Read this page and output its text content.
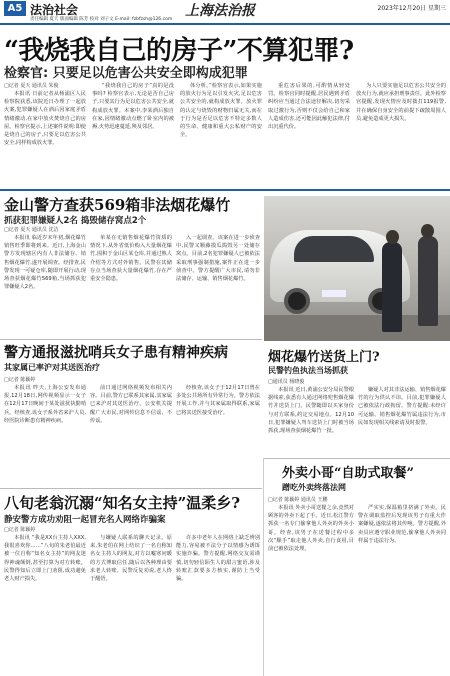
A5 法治社会	上海法治报	2023年12月20日 星期三
责任编辑 夏天 版面编辑 陈芳 校对 刘子文 E-mail: fzbfzsh@126.com
“我烧我自己的房子”不算犯罪?
检察官: 只要足以危害公共安全即构成犯罪
□记者 夏天 通讯员 朱俊

本报讯 日前记者从杨浦区人民检察院获悉,该院近日办理了一起放火案,犯罪嫌疑人在酒后因家庭矛盾情绪激动,在家中放火焚烧自己的房屋。检察官提示,上述案件说明:即使是烧自己的房子,只要足以危害公共安全,同样构成放火罪。

“我烧我自己的房子”真的是没事吗? 检察官表示,无论是否自己房子,只要其行为足以危害公共安全,就构成放火罪。本案中,李某酒后独自在家,因情绪激动点燃了卧室内的被褥,火势迅速蔓延,殃及邻居。

体分析。”检察官表示,如果实施的放火行为足以引发火灾,足以危害公共安全的,就构成放火罪。放火罪的认定与烧毁的财物归属无关,而在于行为是否足以危害不特定多数人的生命、健康和重大公私财产的安全。

重危害后果的,可酌情从轻处罚。检察官同时提醒,居民遇到矛盾纠纷应当通过合法途径解决,切勿采取过激行为,否则不仅会给自己和家人造成伤害,还可能因此触犯法律,付出沉重代价。

为人只要实施足以危害公共安全的放火行为,就应承担刑事责任。此外检察官提醒,发现火情应及时拨打119报警,并在确保自身安全的前提下疏散周围人员,避免造成更大损失。

金山警方查获569箱非法烟花爆竹
抓获犯罪嫌疑人2名 捣毁储存窝点2个
□记者 夏天 通讯员 沈洁

本报讯 临近岁末年初,烟花爆竹销售旺季即将到来。近日,上海金山警方发现辖区内有人非法储存、销售烟花爆竹,遂开展调查。经排查,民警发现一可疑仓库,随即开展行动,现场查获烟花爆竹569箱,当场抓获犯罪嫌疑人2名。

单某在无销售烟花爆竹资质的情况下,从外省低价购入大量烟花爆竹,囤积于金山区某仓库,并通过熟人介绍等方式对外销售。民警在其储存点当场查获大量烟花爆竹,存在严重安全隐患。

入一起调查。该案在进一步侦查中,民警又顺藤摸瓜捣毁另一处储存窝点。目前,2名犯罪嫌疑人已被依法采取刑事强制措施,案件正在进一步侦查中。警方提醒广大市民,请勿非法储存、运输、销售烟花爆竹。

烟花爆竹送货上门?
民警钓鱼执法当场抓获
□通讯员 杨晓俊

本报讯 近日,黄浦公安分局民警根据线索,获悉有人通过网络兜售烟花爆竹并送货上门。民警随即以买家身份与对方联系,约定交易地点。12月10日,犯罪嫌疑人驾车送货上门时被当场抓获,现场查获烟花爆竹一批。

嫌疑人对其非法运输、销售烟花爆竹的行为供认不讳。目前,犯罪嫌疑人已被依法行政拘留。警方提醒:未经许可运输、销售烟花爆竹属违法行为,市民如发现相关线索请及时报警。

警方通报滋扰哨兵女子患有精神疾病
其家属已率沪对其送医治疗
□记者 陈颖婷

本报讯 昨天,上海公安发布通报,12月18日,网传视频显示一女子在12月17日晚间于某处滋扰执勤哨兵。经核查,该女子系外省来沪人员,经医院诊断患有精神疾病。

前日通过网络视频发布相关内容。目前,警方已联系其家属,其家属已来沪对其送医治疗。公安机关提醒广大市民,对网传信息不信谣、不传谣。

经核查,该女子于12月17日曾在多处公共场所有异常行为。警方依法开展工作,并与其家属取得联系,家属已将其送医接受治疗。

八旬老翁沉溺“知名女主持”温柔乡?
静安警方成功劝阻一起冒充名人网络诈骗案
□记者 陈颖婷

本报讯 “我是XX台主持人XXX,我很喜欢你……”八旬的朱老伯最近被一位自称“知名女主持”的网友迷得神魂颠倒,甚至打算为对方转账。民警得知后立即上门劝阻,成功避免老人财产损失。

与嫌疑人联系的聊天记录。原来,朱老伯在网上结识了一名自称知名女主持人的网友,对方以嘘寒问暖的方式博取信任,随后以各种理由要求老人转账。民警反复劝说,老人终于醒悟。

许多中老年人在网络上缺乏辨别能力,容易被不法分子以情感为诱饵实施诈骗。警方提醒,网络交友需谨慎,切勿轻信陌生人的甜言蜜语,涉及转账汇款要多方核实,谨防上当受骗。

外卖小哥“自助式取餐”
蹭吃外卖终落法网
□记者 陈颖婷 通讯员 王鹏

本报讯 外卖小哥送餐之余,竟然对顾客的外卖下起了手。近日,松江警方抓获一名专门偷拿他人外卖的外卖小哥。经查,该男子在送餐过程中多次“顺手”取走他人外卖,自行食用,目前已被依法处理。

严实实,保温箱里挤满了外卖。民警在调取监控后发现该男子有重大作案嫌疑,遂依法将其传唤。警方提醒,外卖员应遵守职业规范,偷拿他人外卖同样属于违法行为。
